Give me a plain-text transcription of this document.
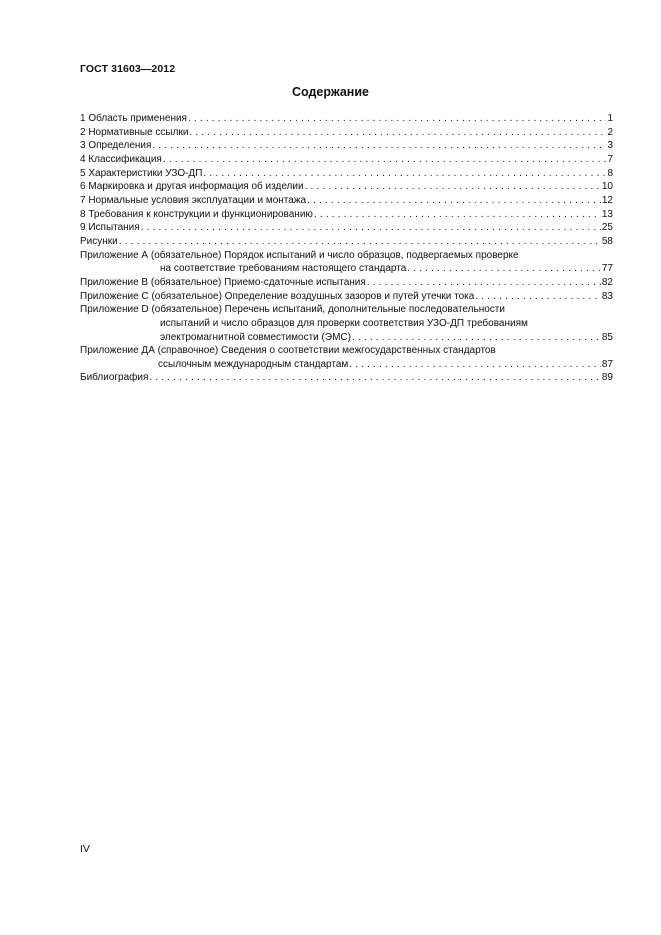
ГОСТ 31603—2012
Содержание
1 Область применения . . .	1
2 Нормативные ссылки . . .	2
3 Определения . . .	3
4 Классификация . . .	7
5 Характеристики УЗО-ДП . . .	8
6 Маркировка и другая информация об изделии . . .	10
7 Нормальные условия эксплуатации и монтажа . . .	12
8 Требования к конструкции и функционированию . . .	13
9 Испытания . . .	25
Рисунки . . .	58
Приложение А (обязательное) Порядок испытаний и число образцов, подвергаемых проверке
на соответствие требованиям настоящего стандарта . . .	77
Приложение В (обязательное) Приемо-сдаточные испытания . . .	82
Приложение С (обязательное) Определение воздушных зазоров и путей утечки тока . . .	83
Приложение D (обязательное) Перечень испытаний, дополнительные последовательности
испытаний и число образцов для проверки соответствия УЗО-ДП требованиям
электромагнитной совместимости (ЭМС) . . .	85
Приложение ДА (справочное) Сведения о соответствии межгосударственных стандартов
ссылочным международным стандартам . . .	87
Библиография . . .	89
IV
